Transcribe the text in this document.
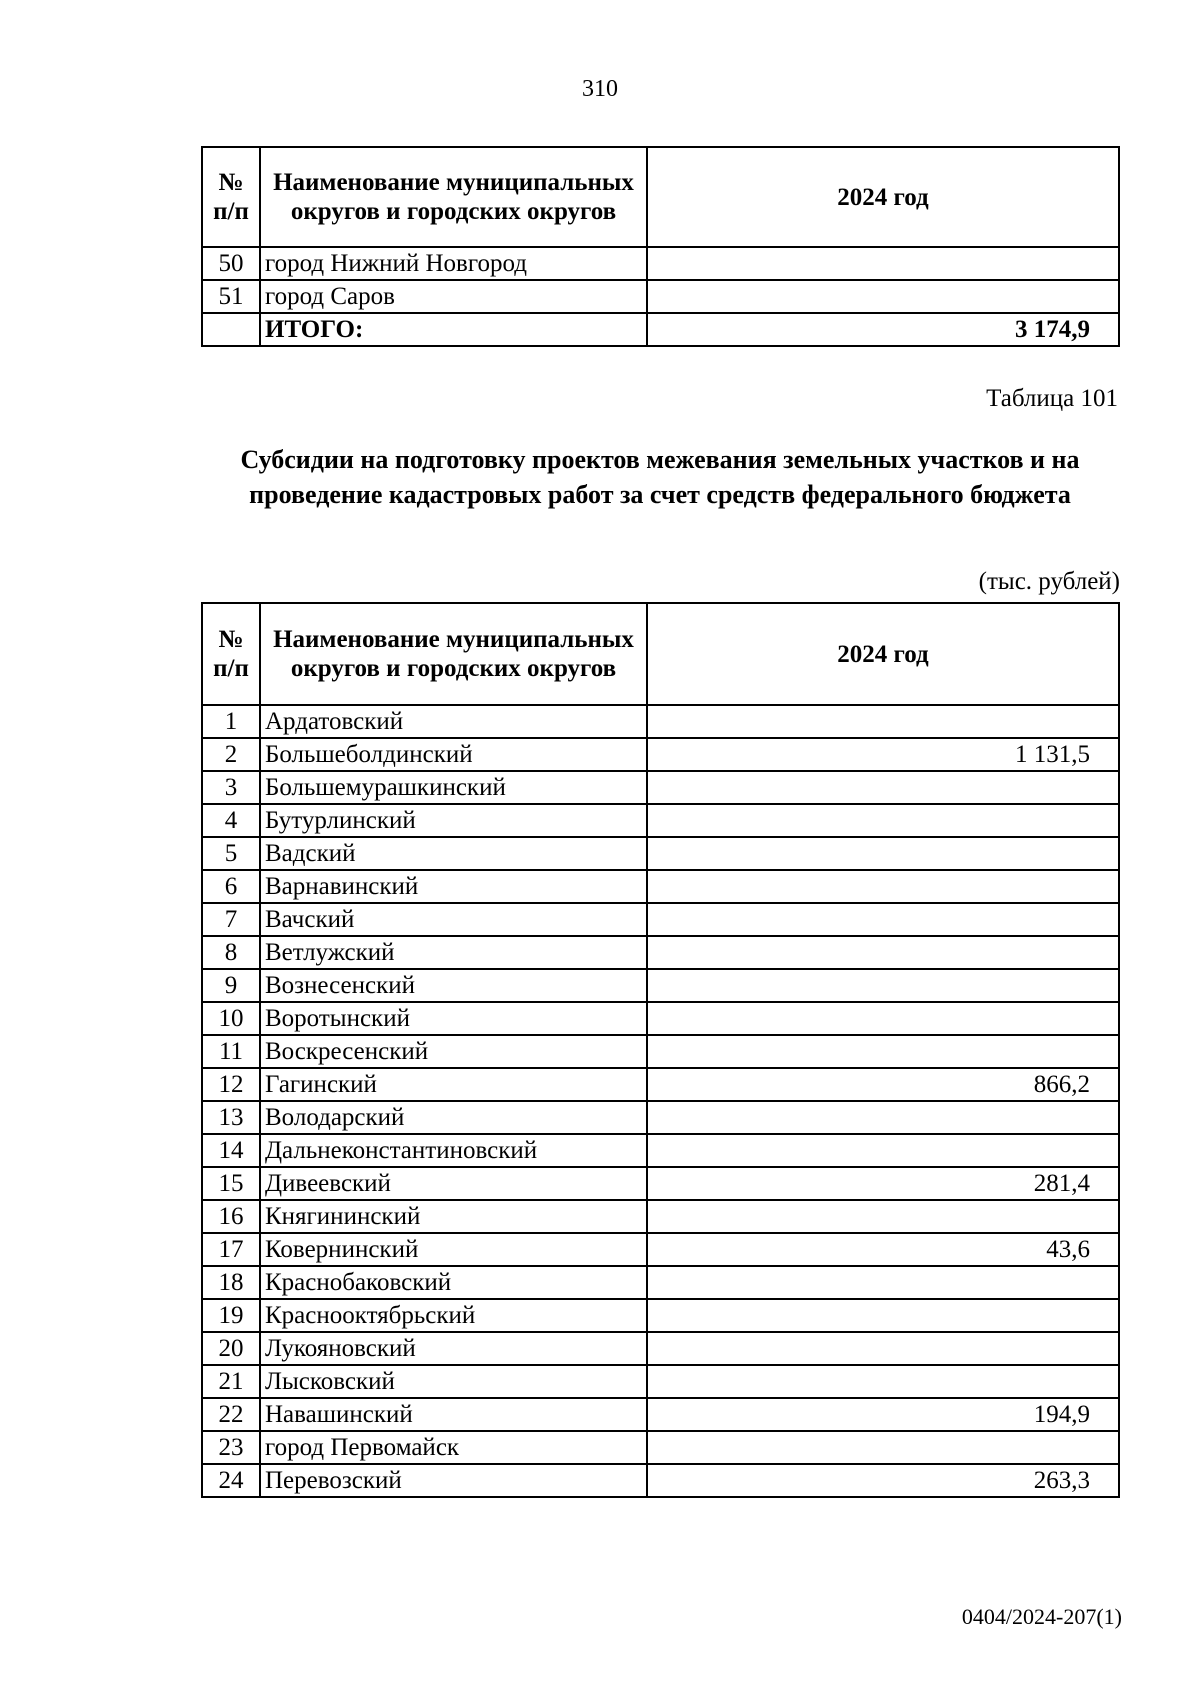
310
№ п/п	Наименование муниципальных округов и городских округов	2024 год
50	город Нижний Новгород	
51	город Саров	
	ИТОГО:	3 174,9
Таблица 101
Субсидии на подготовку проектов межевания земельных участков и на проведение кадастровых работ за счет средств федерального бюджета
(тыс. рублей)
№ п/п	Наименование муниципальных округов и городских округов	2024 год
1	Ардатовский	
2	Большеболдинский	1 131,5
3	Большемурашкинский	
4	Бутурлинский	
5	Вадский	
6	Варнавинский	
7	Вачский	
8	Ветлужский	
9	Вознесенский	
10	Воротынский	
11	Воскресенский	
12	Гагинский	866,2
13	Володарский	
14	Дальнеконстантиновский	
15	Дивеевский	281,4
16	Княгининский	
17	Ковернинский	43,6
18	Краснобаковский	
19	Краснооктябрьский	
20	Лукояновский	
21	Лысковский	
22	Навашинский	194,9
23	город Первомайск	
24	Перевозский	263,3
0404/2024-207(1)
